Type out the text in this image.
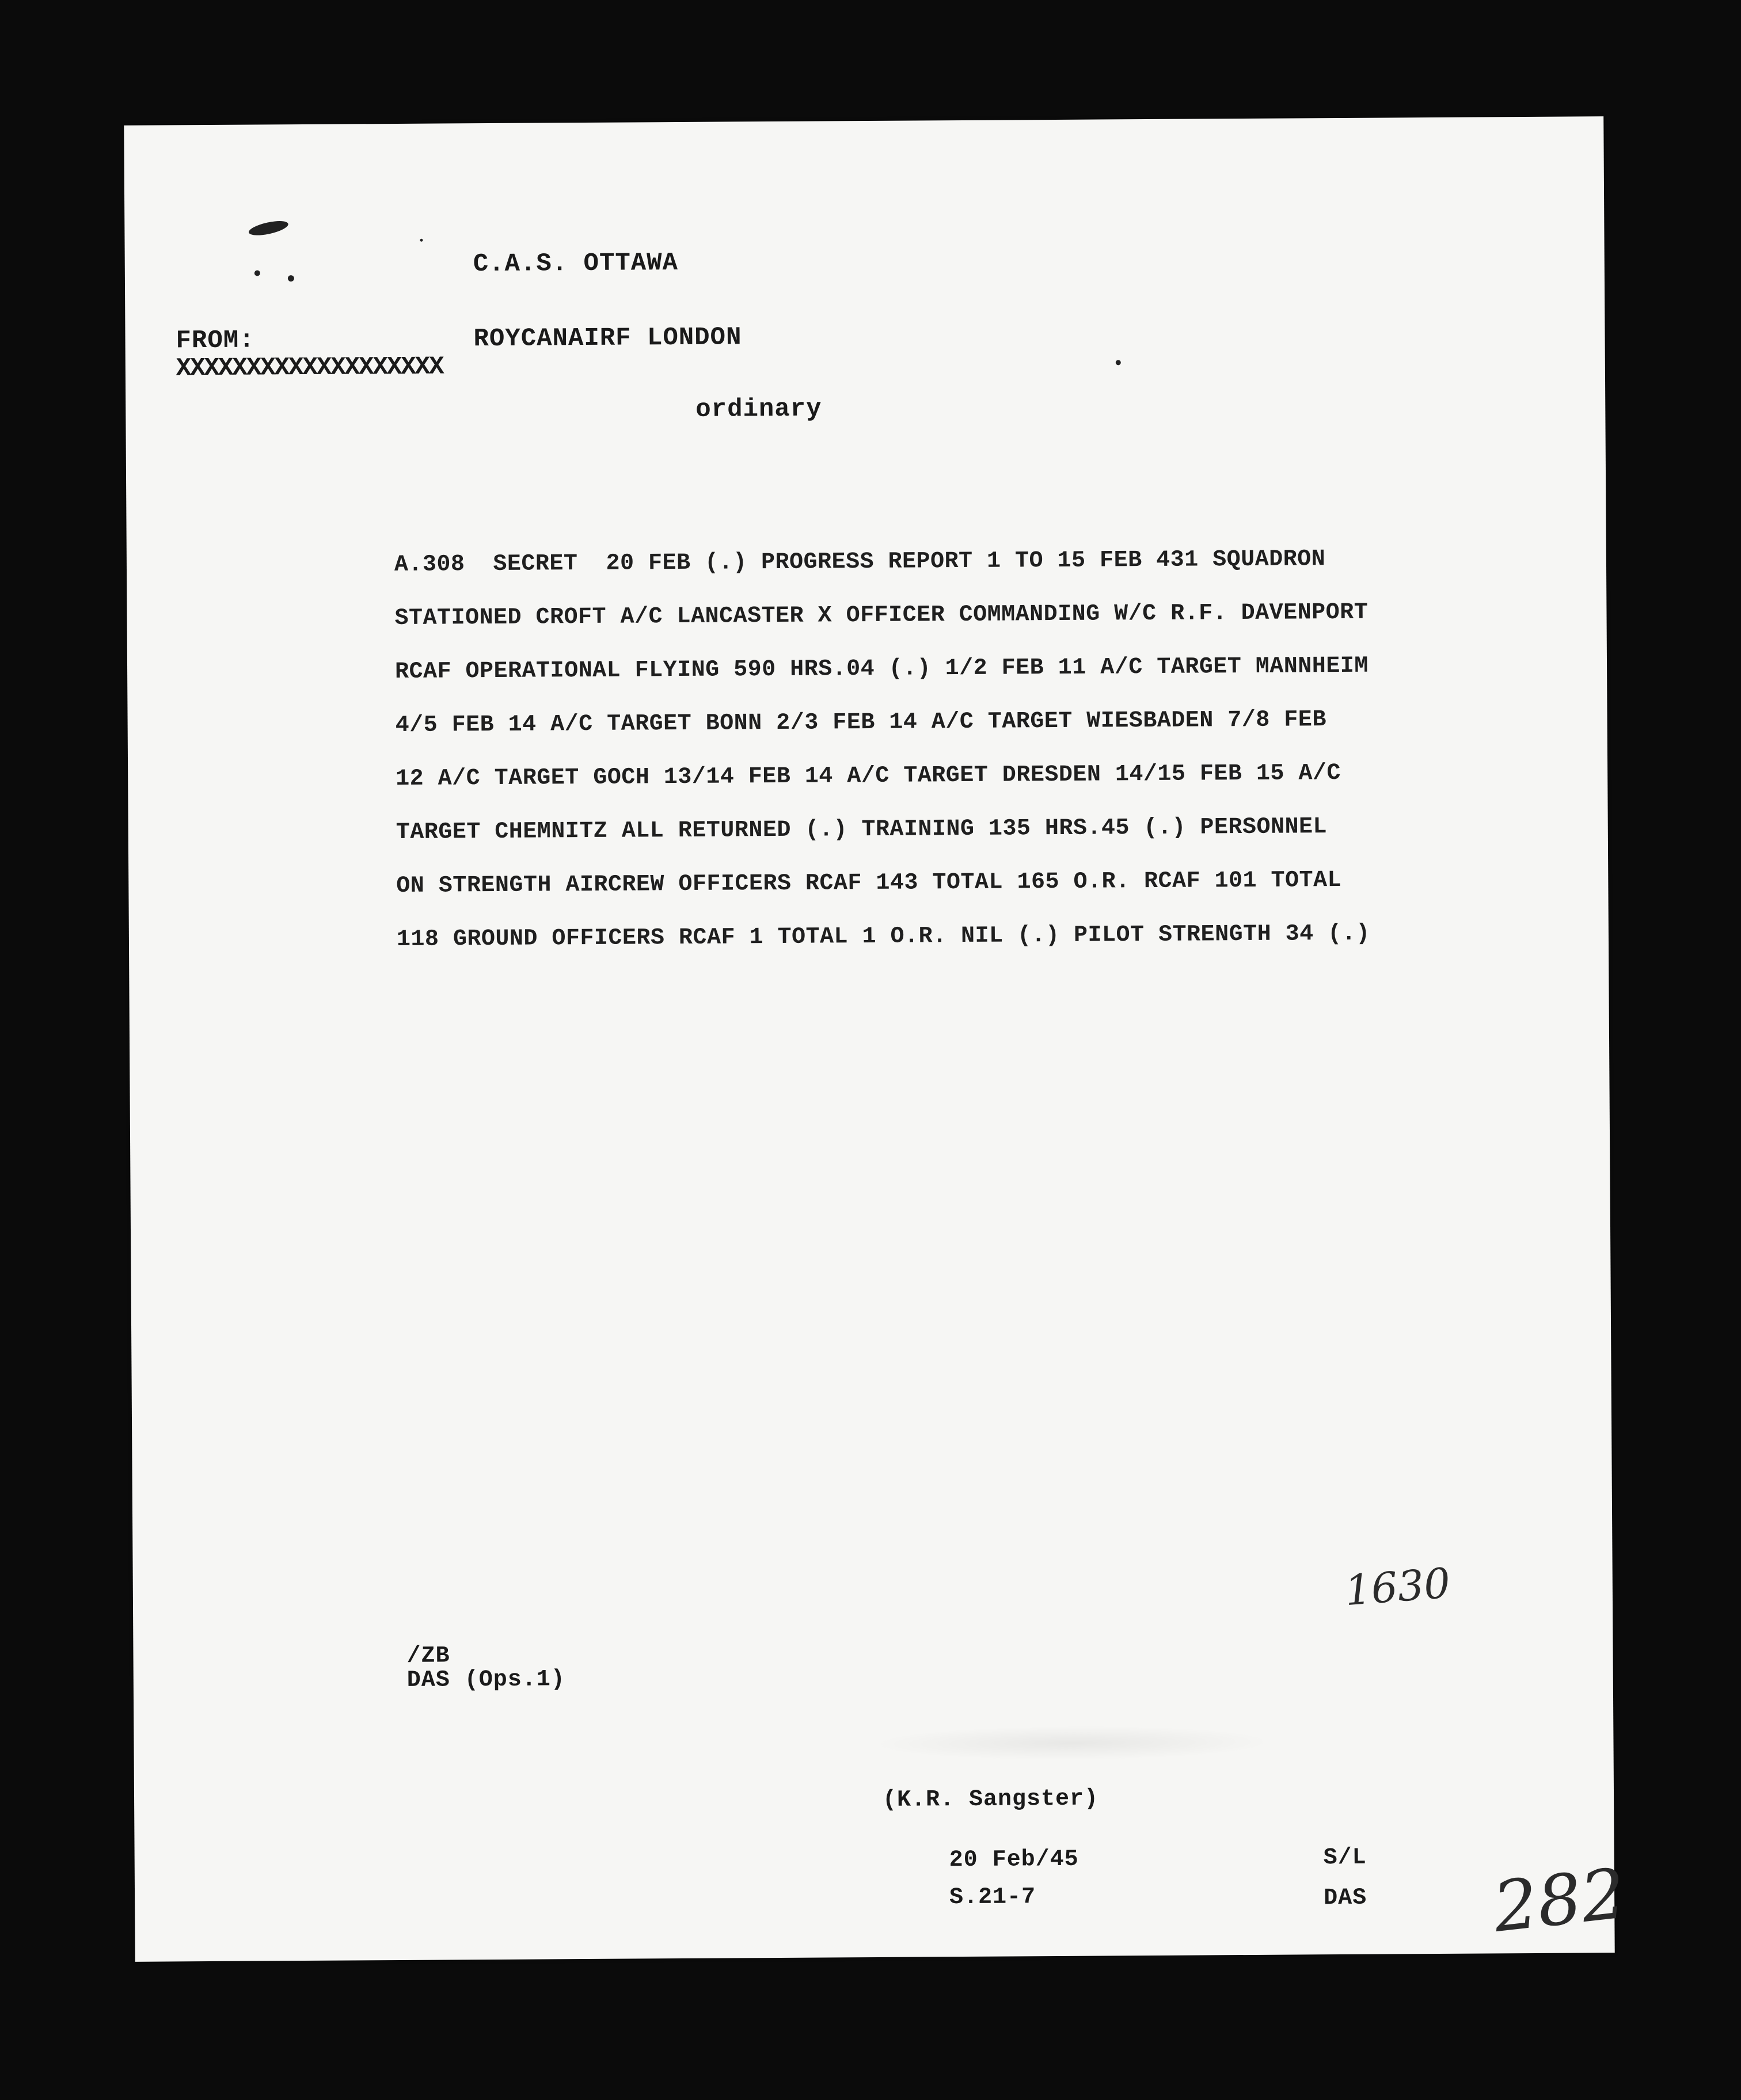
C.A.S. OTTAWA
FROM:	ROYCANAIRF LONDON
XXXXXXXXXXXXXXXXXXX
ordinary
A.308  SECRET  20 FEB (.) PROGRESS REPORT 1 TO 15 FEB 431 SQUADRON
STATIONED CROFT A/C LANCASTER X OFFICER COMMANDING W/C R.F. DAVENPORT
RCAF OPERATIONAL FLYING 590 HRS.04 (.) 1/2 FEB 11 A/C TARGET MANNHEIM
4/5 FEB 14 A/C TARGET BONN 2/3 FEB 14 A/C TARGET WIESBADEN 7/8 FEB
12 A/C TARGET GOCH 13/14 FEB 14 A/C TARGET DRESDEN 14/15 FEB 15 A/C
TARGET CHEMNITZ ALL RETURNED (.) TRAINING 135 HRS.45 (.) PERSONNEL
ON STRENGTH AIRCREW OFFICERS RCAF 143 TOTAL 165 O.R. RCAF 101 TOTAL
118 GROUND OFFICERS RCAF 1 TOTAL 1 O.R. NIL (.) PILOT STRENGTH 34 (.)
1630
/ZB
DAS (Ops.1)
(K.R. Sangster)
20 Feb/45
S.21-7
S/L
DAS 282
